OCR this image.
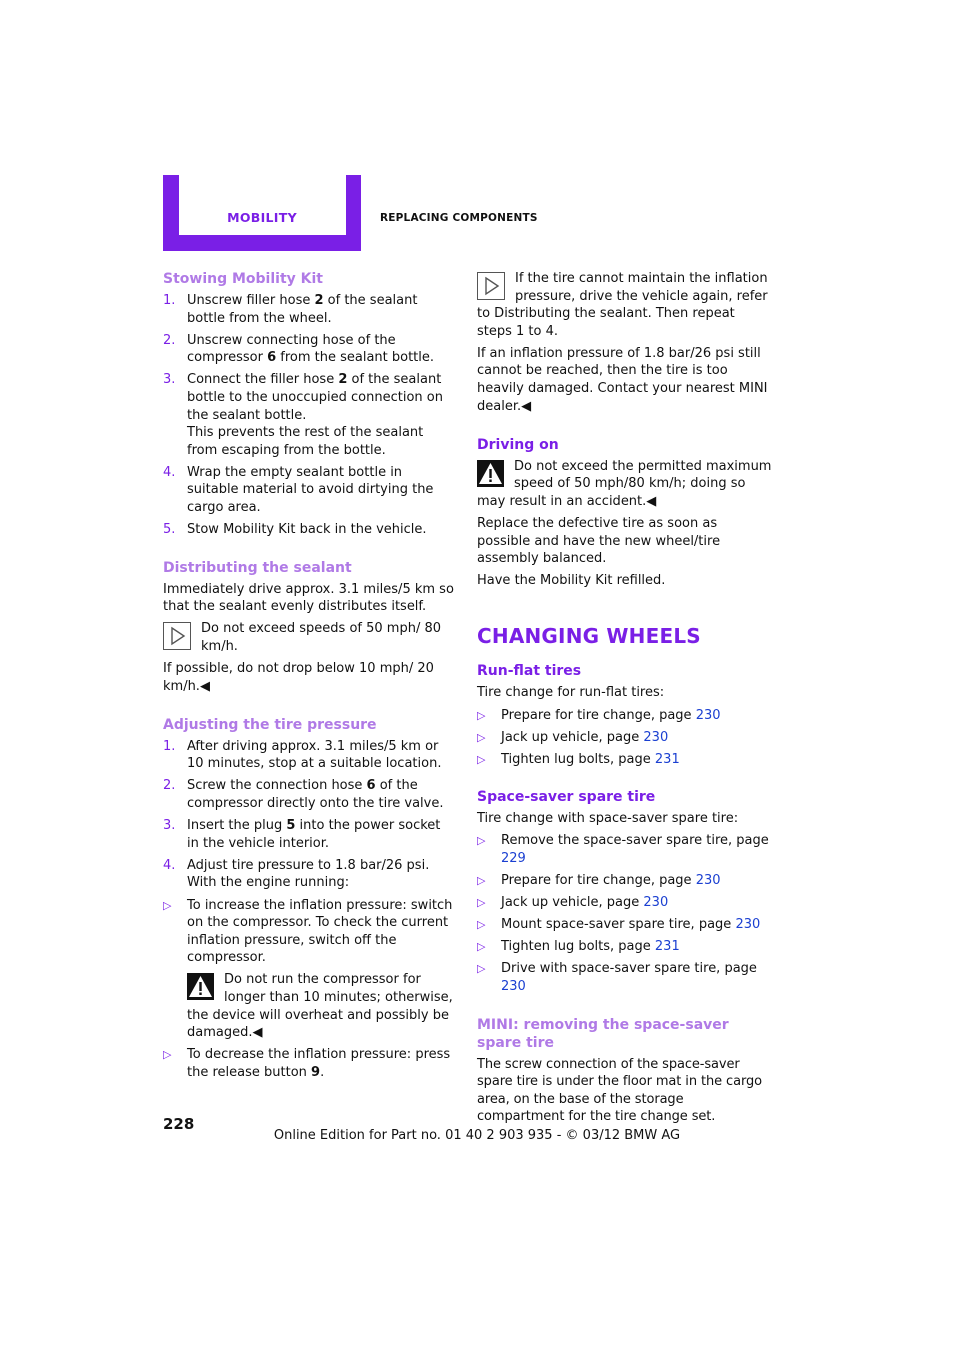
MOBILITY	REPLACING COMPONENTS
Stowing Mobility Kit
1. Unscrew filler hose 2 of the sealant bottle from the wheel.
2. Unscrew connecting hose of the compressor 6 from the sealant bottle.
3. Connect the filler hose 2 of the sealant bottle to the unoccupied connection on the sealant bottle.
This prevents the rest of the sealant from escaping from the bottle.
4. Wrap the empty sealant bottle in suitable material to avoid dirtying the cargo area.
5. Stow Mobility Kit back in the vehicle.
Distributing the sealant

Immediately drive approx. 3.1 miles/5 km so that the sealant evenly distributes itself.

Do not exceed speeds of 50 mph/ 80 km/h.

If possible, do not drop below 10 mph/ 20 km/h.◀

Adjusting the tire pressure
1. After driving approx. 3.1 miles/5 km or 10 minutes, stop at a suitable location.
2. Screw the connection hose 6 of the compressor directly onto the tire valve.
3. Insert the plug 5 into the power socket in the vehicle interior.
4. Adjust tire pressure to 1.8 bar/26 psi. With the engine running:
▷ To increase the inflation pressure: switch on the compressor. To check the current inflation pressure, switch off the compressor.
Do not run the compressor for longer than 10 minutes; otherwise, the device will overheat and possibly be damaged.◀
▷ To decrease the inflation pressure: press the release button 9.
If the tire cannot maintain the inflation pressure, drive the vehicle again, refer to Distributing the sealant. Then repeat steps 1 to 4.

If an inflation pressure of 1.8 bar/26 psi still cannot be reached, then the tire is too heavily damaged. Contact your nearest MINI dealer.◀

Driving on
Do not exceed the permitted maximum speed of 50 mph/80 km/h; doing so may result in an accident.◀

Replace the defective tire as soon as possible and have the new wheel/tire assembly balanced.

Have the Mobility Kit refilled.

CHANGING WHEELS
Run-flat tires

Tire change for run-flat tires:

▷ Prepare for tire change, page 230
▷ Jack up vehicle, page 230
▷ Tighten lug bolts, page 231
Space-saver spare tire

Tire change with space-saver spare tire:

▷ Remove the space-saver spare tire, page 229
▷ Prepare for tire change, page 230
▷ Jack up vehicle, page 230
▷ Mount space-saver spare tire, page 230
▷ Tighten lug bolts, page 231
▷ Drive with space-saver spare tire, page 230
MINI: removing the space-saver spare tire

The screw connection of the space-saver spare tire is under the floor mat in the cargo area, on the base of the storage compartment for the tire change set.

228
Online Edition for Part no. 01 40 2 903 935 - © 03/12 BMW AG
